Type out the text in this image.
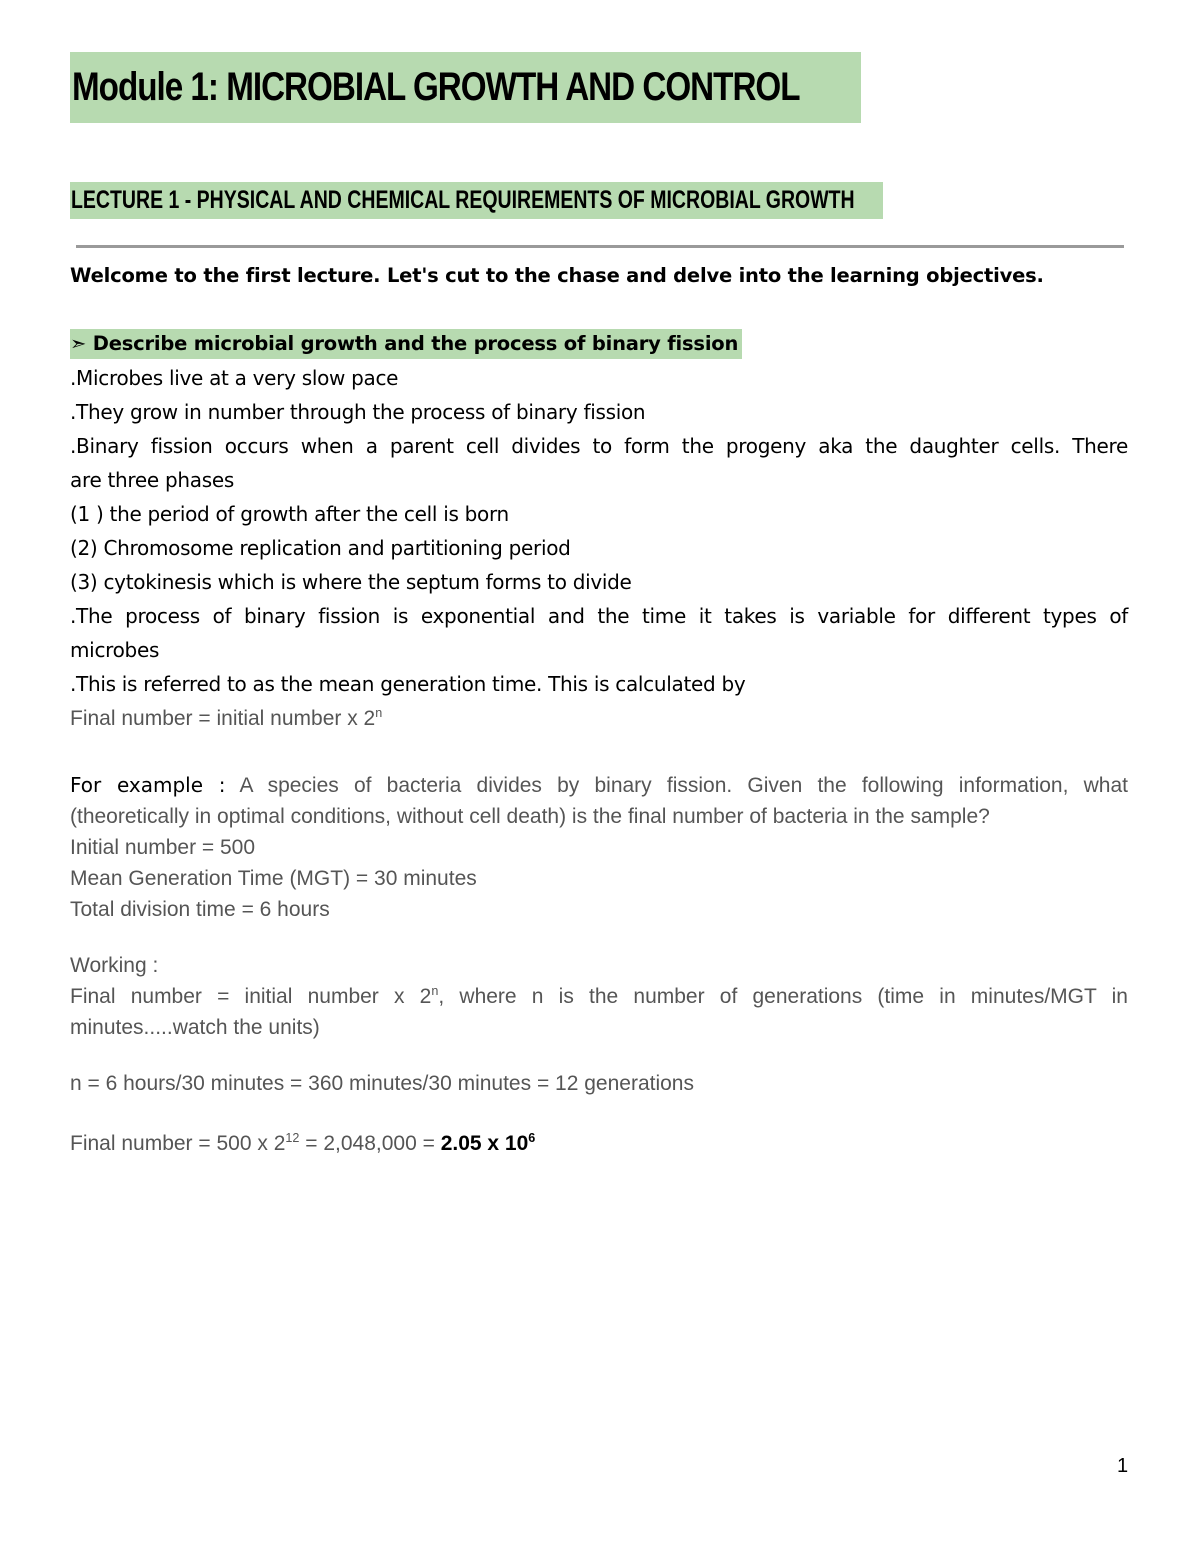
Module 1: MICROBIAL GROWTH AND CONTROL
LECTURE 1 - PHYSICAL AND CHEMICAL REQUIREMENTS OF MICROBIAL GROWTH
Welcome to the first lecture. Let's cut to the chase and delve into the learning objectives.
➣ Describe microbial growth and the process of binary fission
.Microbes live at a very slow pace
.They grow in number through the process of binary fission
.Binary fission occurs when a parent cell divides to form the progeny aka the daughter cells. There
are three phases
(1 ) the period of growth after the cell is born
(2) Chromosome replication and partitioning period
(3) cytokinesis which is where the septum forms to divide
.The process of binary fission is exponential and the time it takes is variable for different types of
microbes
.This is referred to as the mean generation time. This is calculated by
Final number = initial number x 2$^n$
For example : A species of bacteria divides by binary fission. Given the following information, what
(theoretically in optimal conditions, without cell death) is the final number of bacteria in the sample?
Initial number = 500
Mean Generation Time (MGT) = 30 minutes
Total division time = 6 hours
Working :
Final number = initial number x 2$^n$, where n is the number of generations (time in minutes/MGT in
minutes.....watch the units)
n = 6 hours/30 minutes = 360 minutes/30 minutes = 12 generations
Final number = 500 x $2^{12} = 2,048,000 = 2.05$ x $10^6$
1
